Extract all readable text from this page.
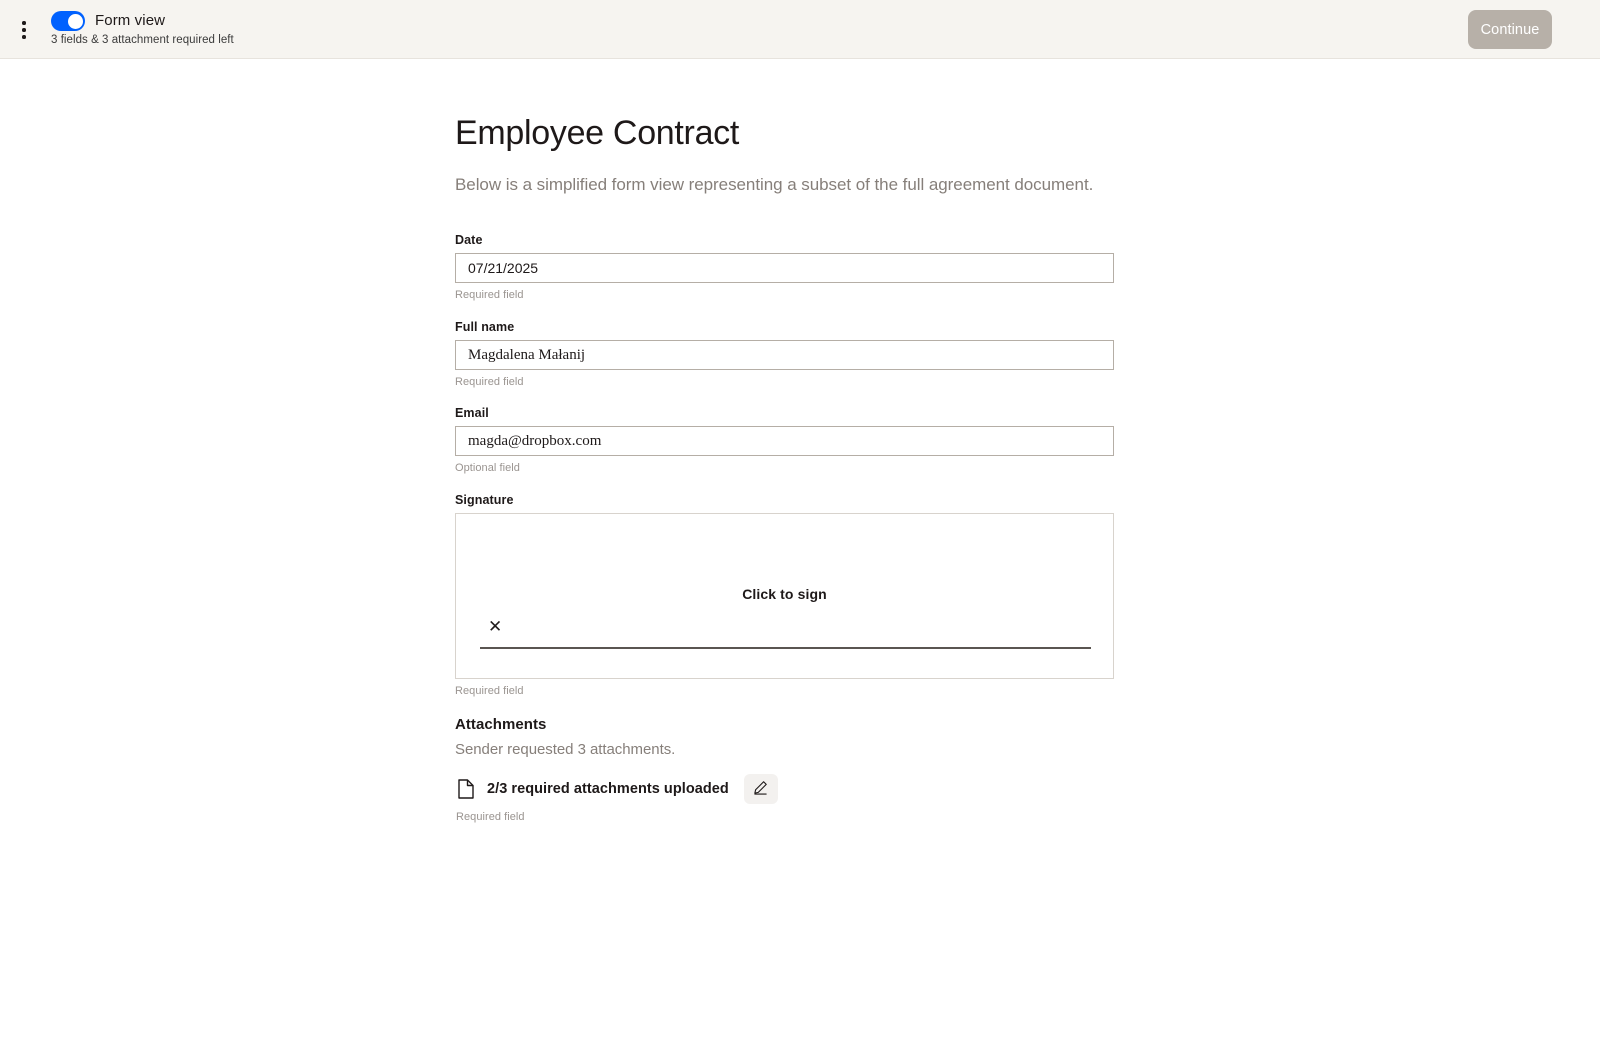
Form view
3 fields & 3 attachment required left
Continue
Employee Contract

Below is a simplified form view representing a subset of the full agreement document.

Date
07/21/2025
Required field
Full name
Magdalena Małanij
Required field
Email
magda@dropbox.com
Optional field
Signature
Click to sign
✕
Required field
Attachments
Sender requested 3 attachments.
2/3 required attachments uploaded
Required field
